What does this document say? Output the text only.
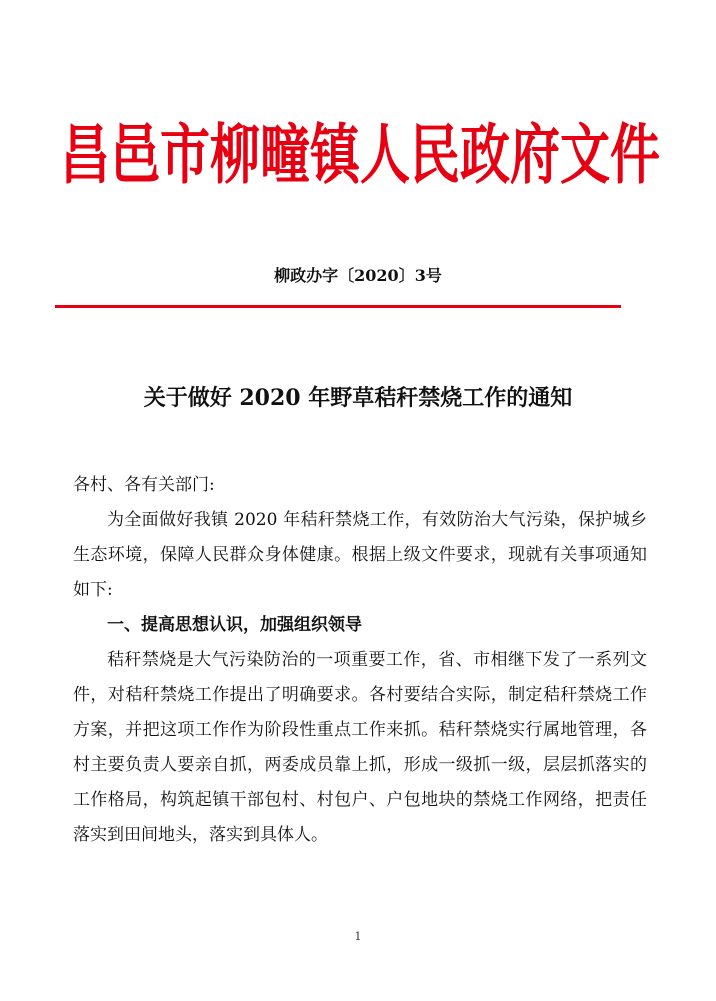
昌邑市柳疃镇人民政府文件
柳政办字〔2020〕3号
关于做好 2020 年野草秸秆禁烧工作的通知

各村、各有关部门:

为全面做好我镇 2020 年秸秆禁烧工作，有效防治大气污染，保护城乡生态环境，保障人民群众身体健康。根据上级文件要求，现就有关事项通知如下:

一、提高思想认识，加强组织领导

秸秆禁烧是大气污染防治的一项重要工作，省、市相继下发了一系列文件，对秸秆禁烧工作提出了明确要求。各村要结合实际，制定秸秆禁烧工作方案，并把这项工作作为阶段性重点工作来抓。秸秆禁烧实行属地管理，各村主要负责人要亲自抓，两委成员靠上抓，形成一级抓一级，层层抓落实的工作格局，构筑起镇干部包村、村包户、户包地块的禁烧工作网络，把责任落实到田间地头，落实到具体人。

1
